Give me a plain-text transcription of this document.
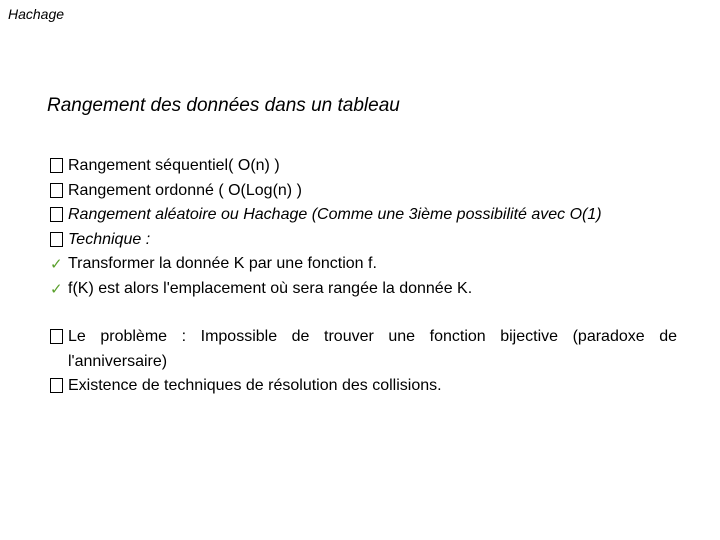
Hachage
Rangement des données dans un tableau
Rangement séquentiel( O(n) )
Rangement ordonné ( O(Log(n) )
Rangement aléatoire ou Hachage (Comme une 3ième possibilité avec O(1)
Technique :
✓ Transformer la donnée K par une fonction f.
✓ f(K) est alors l'emplacement où sera rangée la donnée K.
Le problème : Impossible de trouver une fonction bijective (paradoxe de l'anniversaire)
Existence de techniques de résolution des collisions.
